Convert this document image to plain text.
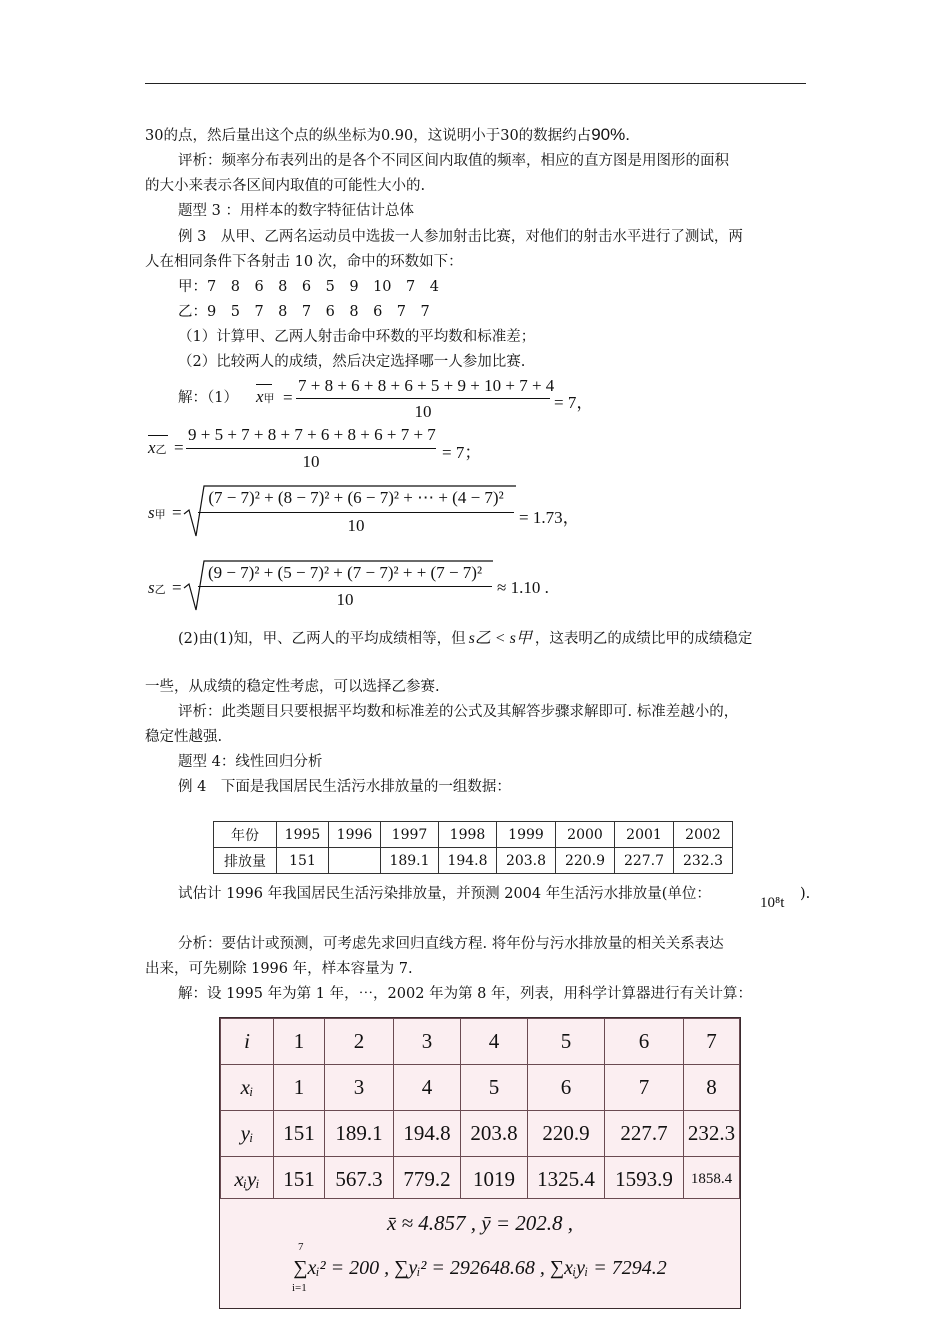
30的点，然后量出这个点的纵坐标为0.90，这说明小于30的数据约占90%.
评析：频率分布表列出的是各个不同区间内取值的频率，相应的直方图是用图形的面积
的大小来表示各区间内取值的可能性大小的.
题型 3 ：用样本的数字特征估计总体
例 3　从甲、乙两名运动员中选拔一人参加射击比赛，对他们的射击水平进行了测试，两
人在相同条件下各射击 10 次，命中的环数如下：
甲：7　8　6　8　6　5　9　10　7　4
乙：9　5　7　8　7　6　8　6　7　7
（1）计算甲、乙两人射击命中环数的平均数和标准差；
（2）比较两人的成绩，然后决定选择哪一人参加比赛.
解：（1） x甲 =
7 + 8 + 6 + 8 + 6 + 5 + 9 + 10 + 7 + 4
10	= 7，
x乙 =
9 + 5 + 7 + 8 + 7 + 6 + 8 + 6 + 7 + 7
10	= 7；
s甲 =
(7 − 7)² + (8 − 7)² + (6 − 7)² + ⋯ + (4 − 7)²
10	= 1.73，
s乙 =
(9 − 7)² + (5 − 7)² + (7 − 7)² + + (7 − 7)²
10
≈ 1.10 .
(2)由(1)知，甲、乙两人的平均成绩相等，但 s乙 < s甲 ，这表明乙的成绩比甲的成绩稳定
一些，从成绩的稳定性考虑，可以选择乙参赛.
评析：此类题目只要根据平均数和标准差的公式及其解答步骤求解即可. 标准差越小的，
稳定性越强.
题型 4：线性回归分析
例 4　下面是我国居民生活污水排放量的一组数据：
年份	1995	1996	1997	1998	1999	2000	2001	2002
排放量	151		189.1	194.8	203.8	220.9	227.7	232.3
试估计 1996 年我国居民生活污染排放量，并预测 2004 年生活污水排放量(单位：
10⁸t
).
分析：要估计或预测，可考虑先求回归直线方程. 将年份与污水排放量的相关关系表达
出来，可先剔除 1996 年，样本容量为 7.
解：设 1995 年为第 1 年，⋯，2002 年为第 8 年，列表，用科学计算器进行有关计算：
i	1	2	3	4	5	6	7
xᵢ	1	3	4	5	6	7	8
yᵢ	151	189.1	194.8	203.8	220.9	227.7	232.3
xᵢyᵢ	151	567.3	779.2	1019	1325.4	1593.9	1858.4
x̄ ≈ 4.857 , ȳ = 202.8 ,
∑xᵢ² = 200 , ∑yᵢ² = 292648.68 , ∑xᵢyᵢ = 7294.2
7
i=1
